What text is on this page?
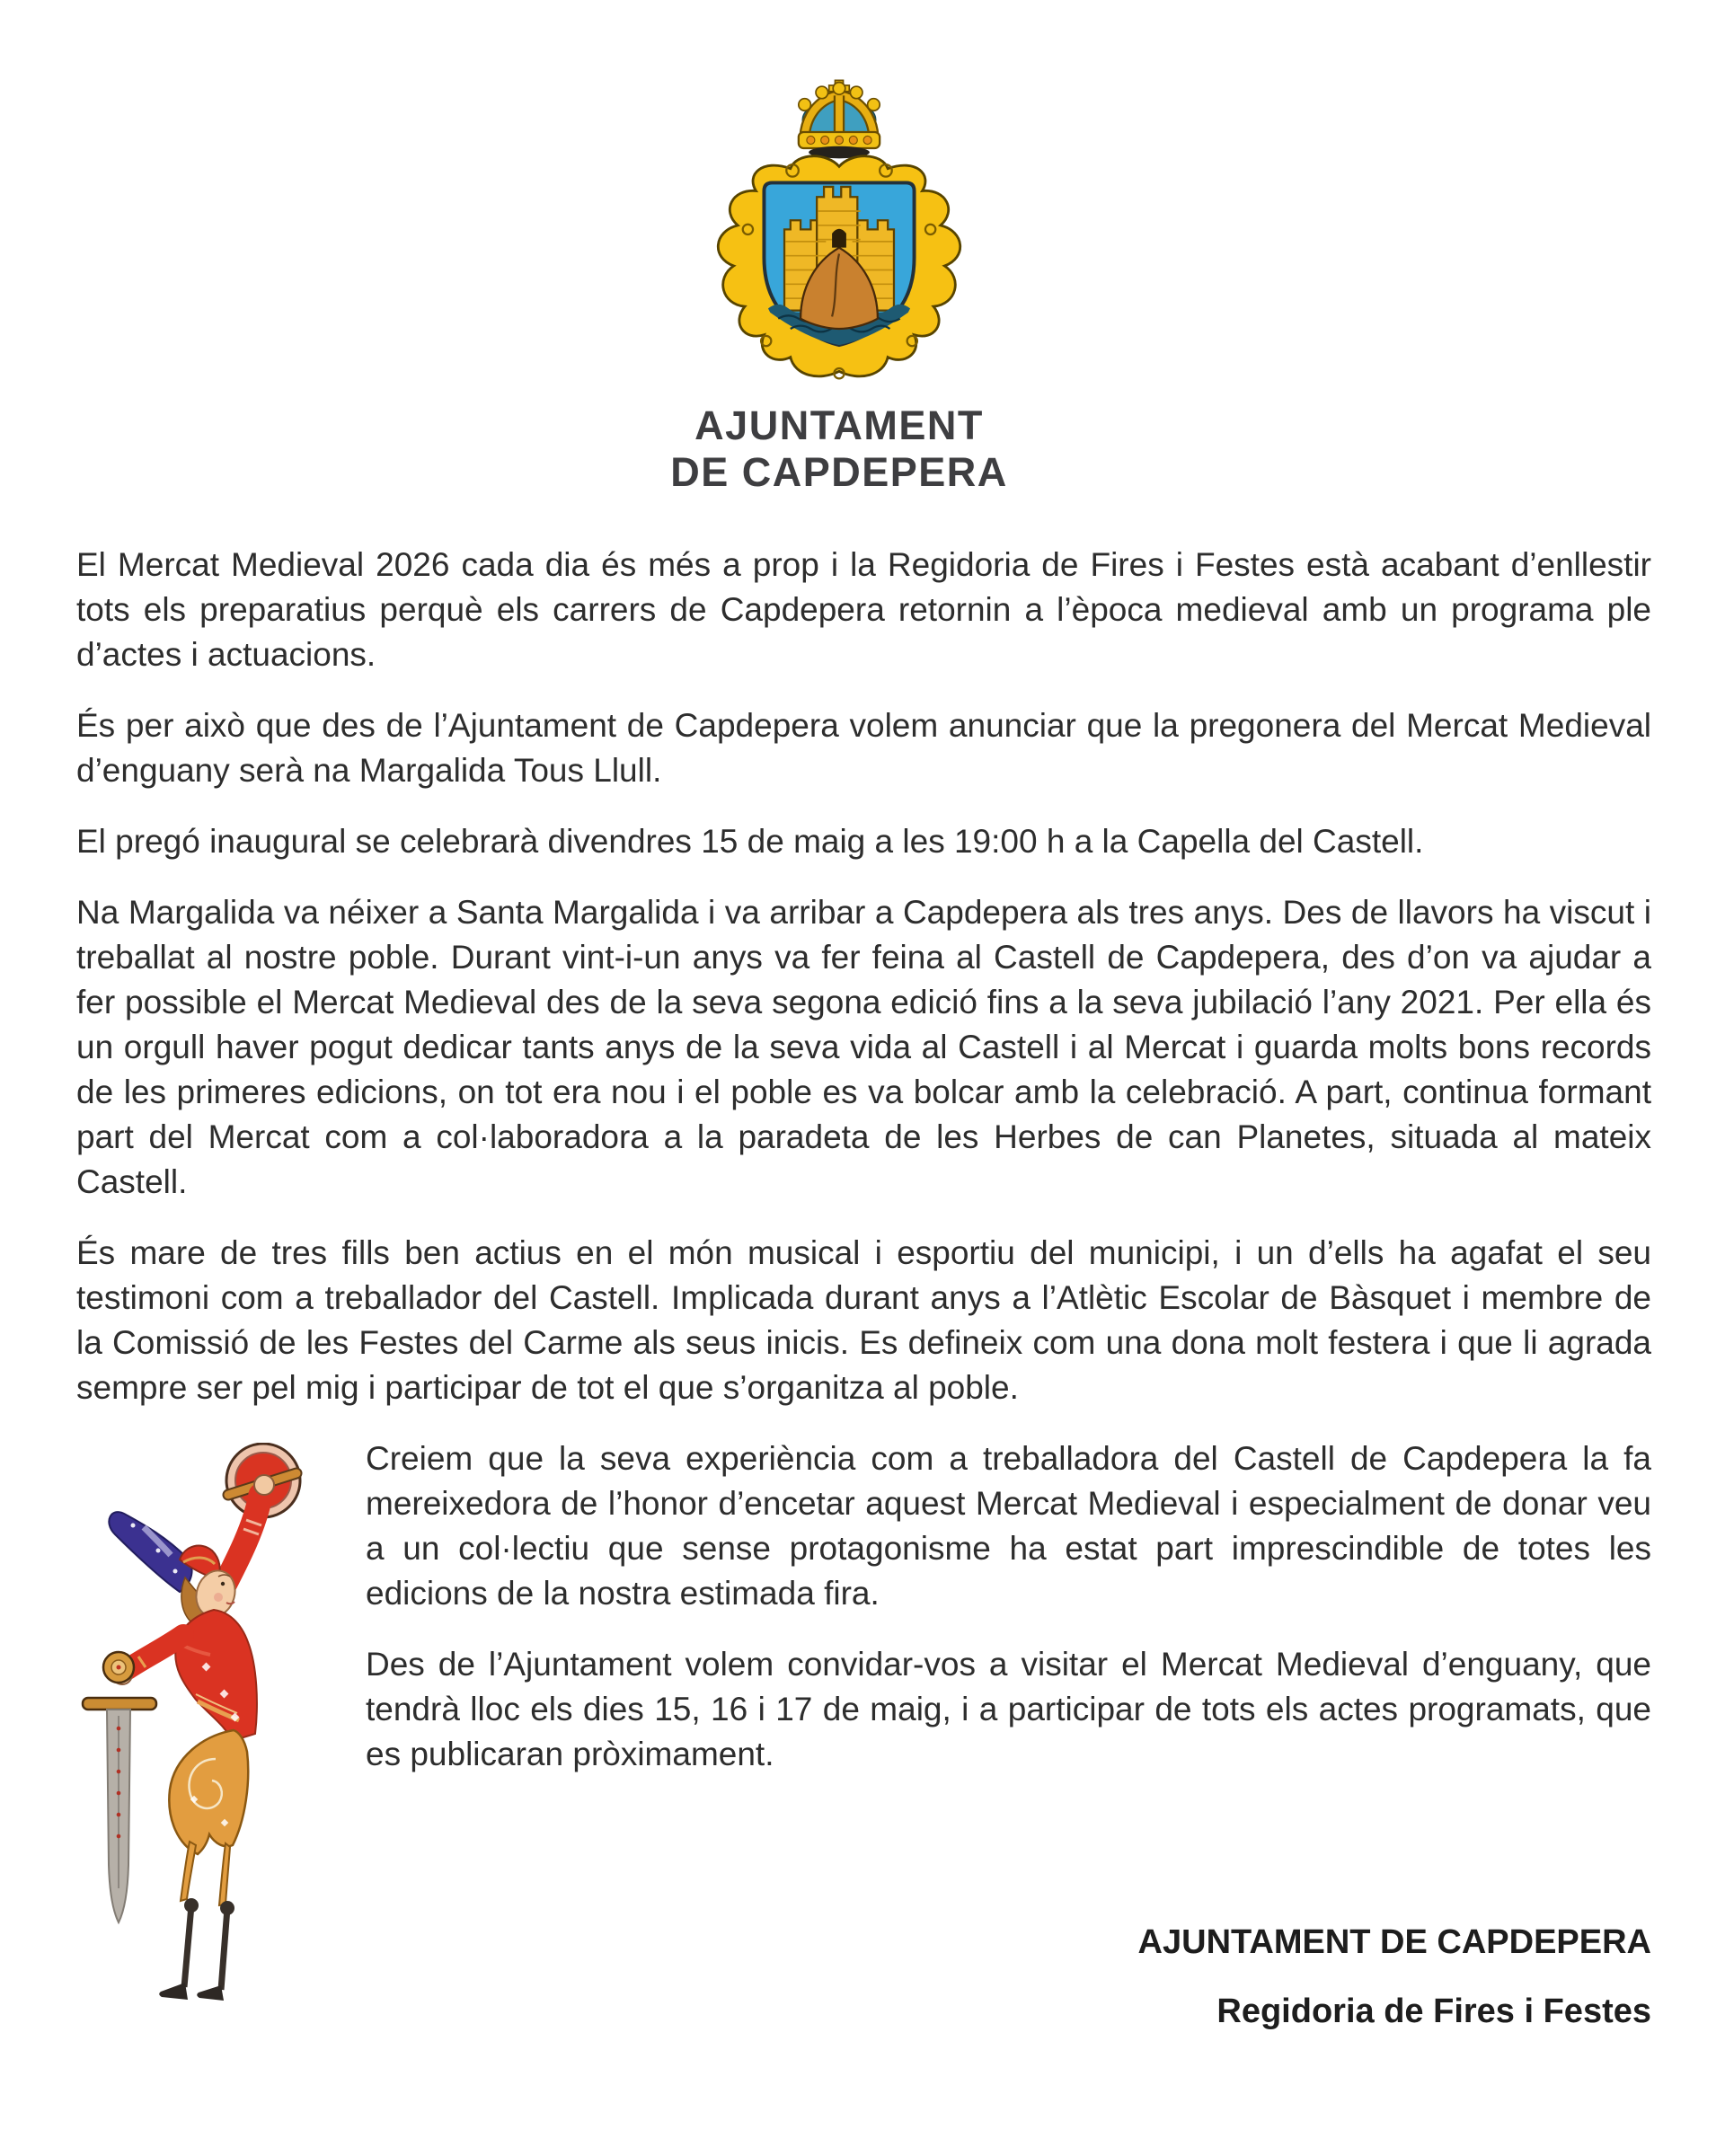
AJUNTAMENT
DE CAPDEPERA

El Mercat Medieval 2026 cada dia és més a prop i la Regidoria de Fires i Festes està acabant d’enllestir tots els preparatius perquè els carrers de Capdepera retornin a l’època medieval amb un programa ple d’actes i actuacions.

És per això que des de l’Ajuntament de Capdepera volem anunciar que la pregonera del Mercat Medieval d’enguany serà na Margalida Tous Llull.

El pregó inaugural se celebrarà divendres 15 de maig a les 19:00 h a la Capella del Castell.

Na Margalida va néixer a Santa Margalida i va arribar a Capdepera als tres anys. Des de llavors ha viscut i treballat al nostre poble. Durant vint-i-un anys va fer feina al Castell de Capdepera, des d’on va ajudar a fer possible el Mercat Medieval des de la seva segona edició fins a la seva jubilació l’any 2021. Per ella és un orgull haver pogut dedicar tants anys de la seva vida al Castell i al Mercat i guarda molts bons records de les primeres edicions, on tot era nou i el poble es va bolcar amb la celebració. A part, continua formant part del Mercat com a col·laboradora a la paradeta de les Herbes de can Planetes, situada al mateix Castell.

És mare de tres fills ben actius en el món musical i esportiu del municipi, i un d’ells ha agafat el seu testimoni com a treballador del Castell. Implicada durant anys a l’Atlètic Escolar de Bàsquet i membre de la Comissió de les Festes del Carme als seus inicis. Es defineix com una dona molt festera i que li agrada sempre ser pel mig i participar de tot el que s’organitza al poble.

Creiem que la seva experiència com a treballadora del Castell de Capdepera la fa mereixedora de l’honor d’encetar aquest Mercat Medieval i especialment de donar veu a un col·lectiu que sense protagonisme ha estat part imprescindible de totes les edicions de la nostra estimada fira.

Des de l’Ajuntament volem convidar-vos a visitar el Mercat Medieval d’enguany, que tendrà lloc els dies 15, 16 i 17 de maig, i a participar de tots els actes programats, que es publicaran pròximament.

AJUNTAMENT DE CAPDEPERA
Regidoria de Fires i Festes
